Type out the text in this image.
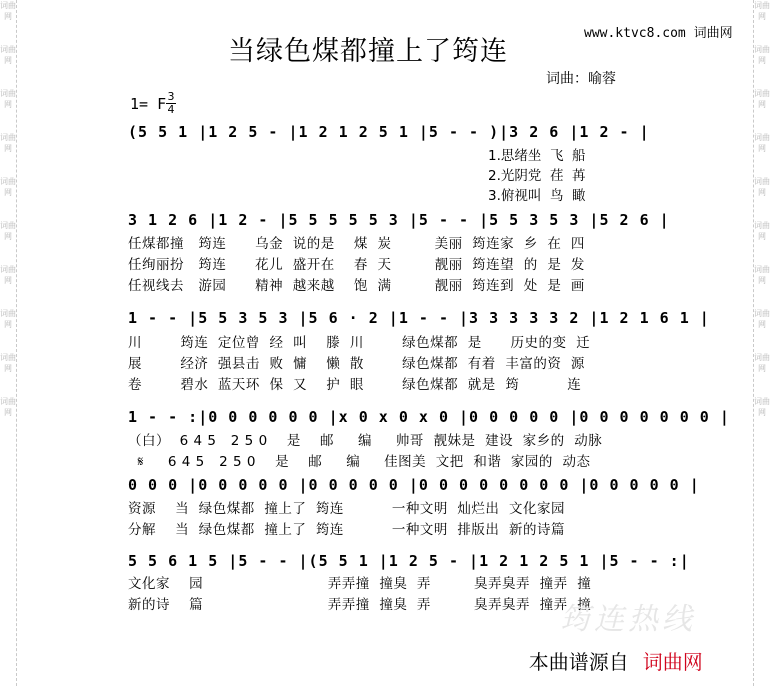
词曲网
词曲网
词曲网
词曲网
词曲网
词曲网
词曲网
词曲网
词曲网
词曲网
词曲网
词曲网
词曲网
词曲网
词曲网
词曲网
词曲网
词曲网
词曲网
词曲网
当绿色煤都撞上了筠连
www.ktvc8.com 词曲网
词曲：喻蓉
1= F 3
4
(5 5 1 |1 2 5 - |1 2 1 2 5 1 |5 - - )|3 2 6 |1 2 - |
1.思绪坐  飞  船
2.光阴党  荏  苒
3.俯视叫  鸟  瞰
3 1 2 6 |1 2 - |5 5 5 5 5 3 |5 - - |5 5 3 5 3 |5 2 6 |
任煤都撞   筠连      乌金  说的是    煤  炭         美丽  筠连家  乡  在  四
任绚丽扮   筠连      花儿  盛开在    春  天         靓丽  筠连望  的  是  发
任视线去   游园      精神  越来越    饱  满         靓丽  筠连到  处  是  画
1 - - |5 5 3 5 3 |5 6 · 2 |1 - - |3 3 3 3 3 2 |1 2 1 6 1 |
川        筠连  定位曾  经  叫    滕  川        绿色煤都  是      历史的变  迁
展        经济  强县击  败  慵    懒  散        绿色煤都  有着  丰富的资  源
卷        碧水  蓝天环  保  又    护  眼        绿色煤都  就是  筠          连
1 - - :|0 0 0 0 0 0 |x 0 x 0 x 0 |0 0 0 0 0 |0 0 0 0 0 0 0 |
（白）  6 4 5   2 5 0    是    邮     编     帅哥  靓妹是  建设  家乡的  动脉
𝄋     6 4 5   2 5 0    是    邮     编     佳图美  文把  和谐  家园的  动态
0 0 0 |0 0 0 0 0 |0 0 0 0 0 |0 0 0 0 0 0 0 0 |0 0 0 0 0 |
资源    当  绿色煤都  撞上了  筠连          一种文明  灿烂出  文化家园
分解    当  绿色煤都  撞上了  筠连          一种文明  排版出  新的诗篇
5 5 6 1 5 |5 - - |(5 5 1 |1 2 5 - |1 2 1 2 5 1 |5 - - :|
文化家    园                          弄弄撞  撞臭  弄         臭弄臭弄  撞弄  撞
新的诗    篇                          弄弄撞  撞臭  弄         臭弄臭弄  撞弄  撞
筠连热线

本曲谱源自 词曲网
